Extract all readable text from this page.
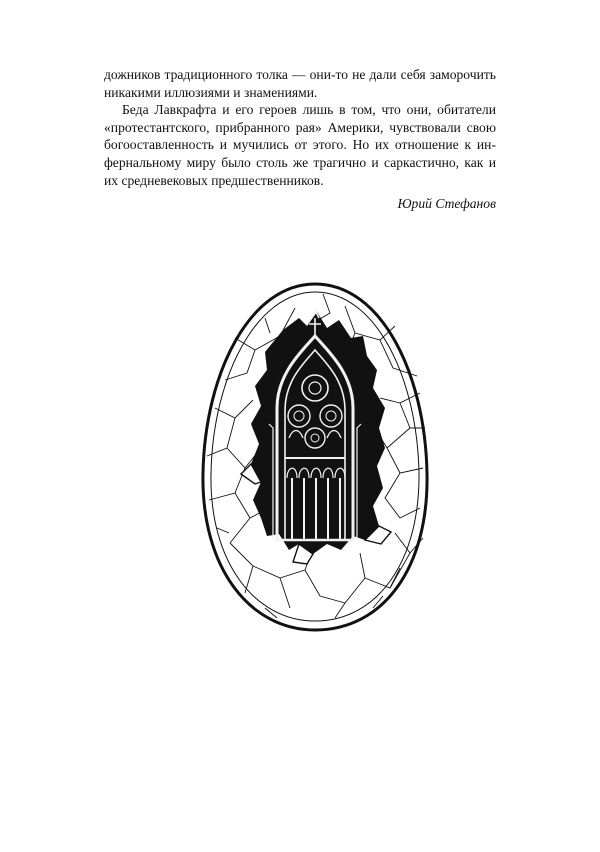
дожников традиционного толка — они-то не дали себя заморочить
никакими иллюзиями и знамениями.
Беда Лавкрафта и его героев лишь в том, что они, обитатели
«протестантского, прибранного рая» Америки, чувствовали свою
богооставленность и мучились от этого. Но их отношение к ин-
фернальному миру было столь же трагично и саркастично, как и
их средневековых предшественников.
Юрий Стефанов
